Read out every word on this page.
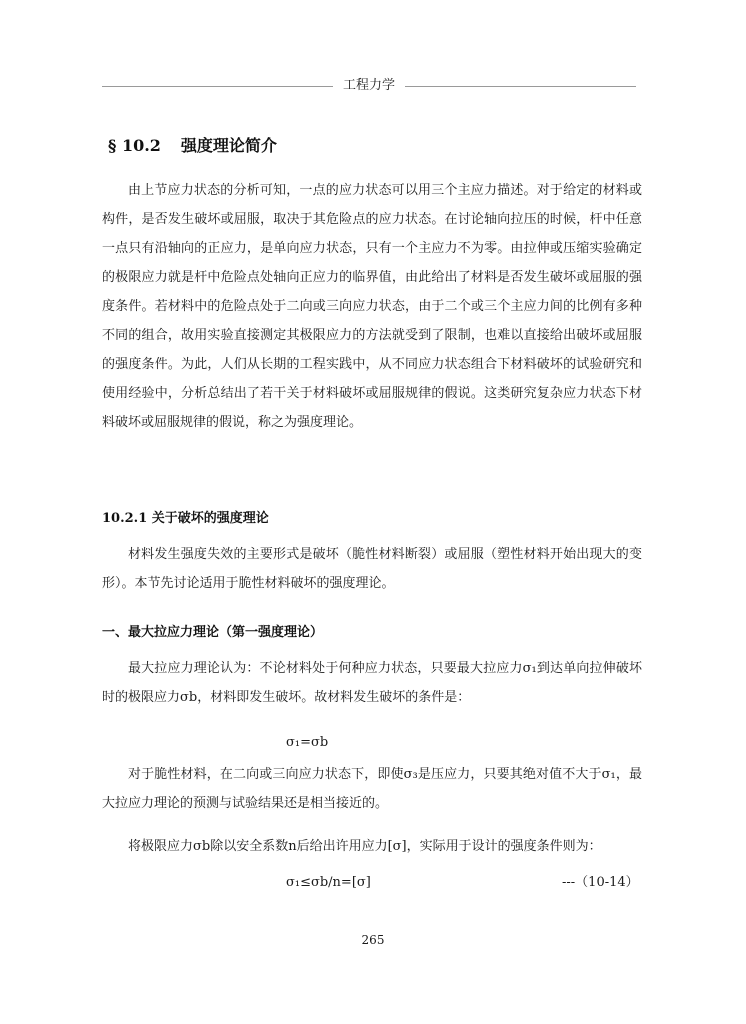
工程力学
§ 10.2 强度理论简介

由上节应力状态的分析可知，一点的应力状态可以用三个主应力描述。对于给定的材料或构件，是否发生破坏或屈服，取决于其危险点的应力状态。在讨论轴向拉压的时候，杆中任意一点只有沿轴向的正应力，是单向应力状态，只有一个主应力不为零。由拉伸或压缩实验确定的极限应力就是杆中危险点处轴向正应力的临界值，由此给出了材料是否发生破坏或屈服的强度条件。若材料中的危险点处于二向或三向应力状态，由于二个或三个主应力间的比例有多种不同的组合，故用实验直接测定其极限应力的方法就受到了限制，也难以直接给出破坏或屈服的强度条件。为此，人们从长期的工程实践中，从不同应力状态组合下材料破坏的试验研究和使用经验中，分析总结出了若干关于材料破坏或屈服规律的假说。这类研究复杂应力状态下材料破坏或屈服规律的假说，称之为强度理论。

10.2.1 关于破坏的强度理论

材料发生强度失效的主要形式是破坏（脆性材料断裂）或屈服（塑性材料开始出现大的变形）。本节先讨论适用于脆性材料破坏的强度理论。

一、最大拉应力理论（第一强度理论）

最大拉应力理论认为：不论材料处于何种应力状态，只要最大拉应力σ₁到达单向拉伸破坏时的极限应力σb，材料即发生破坏。故材料发生破坏的条件是：

σ₁=σb

对于脆性材料，在二向或三向应力状态下，即使σ₃是压应力，只要其绝对值不大于σ₁，最大拉应力理论的预测与试验结果还是相当接近的。

将极限应力σb除以安全系数n后给出许用应力[σ]，实际用于设计的强度条件则为：

σ₁≤σb/n=[σ]	---（10-14）
265
